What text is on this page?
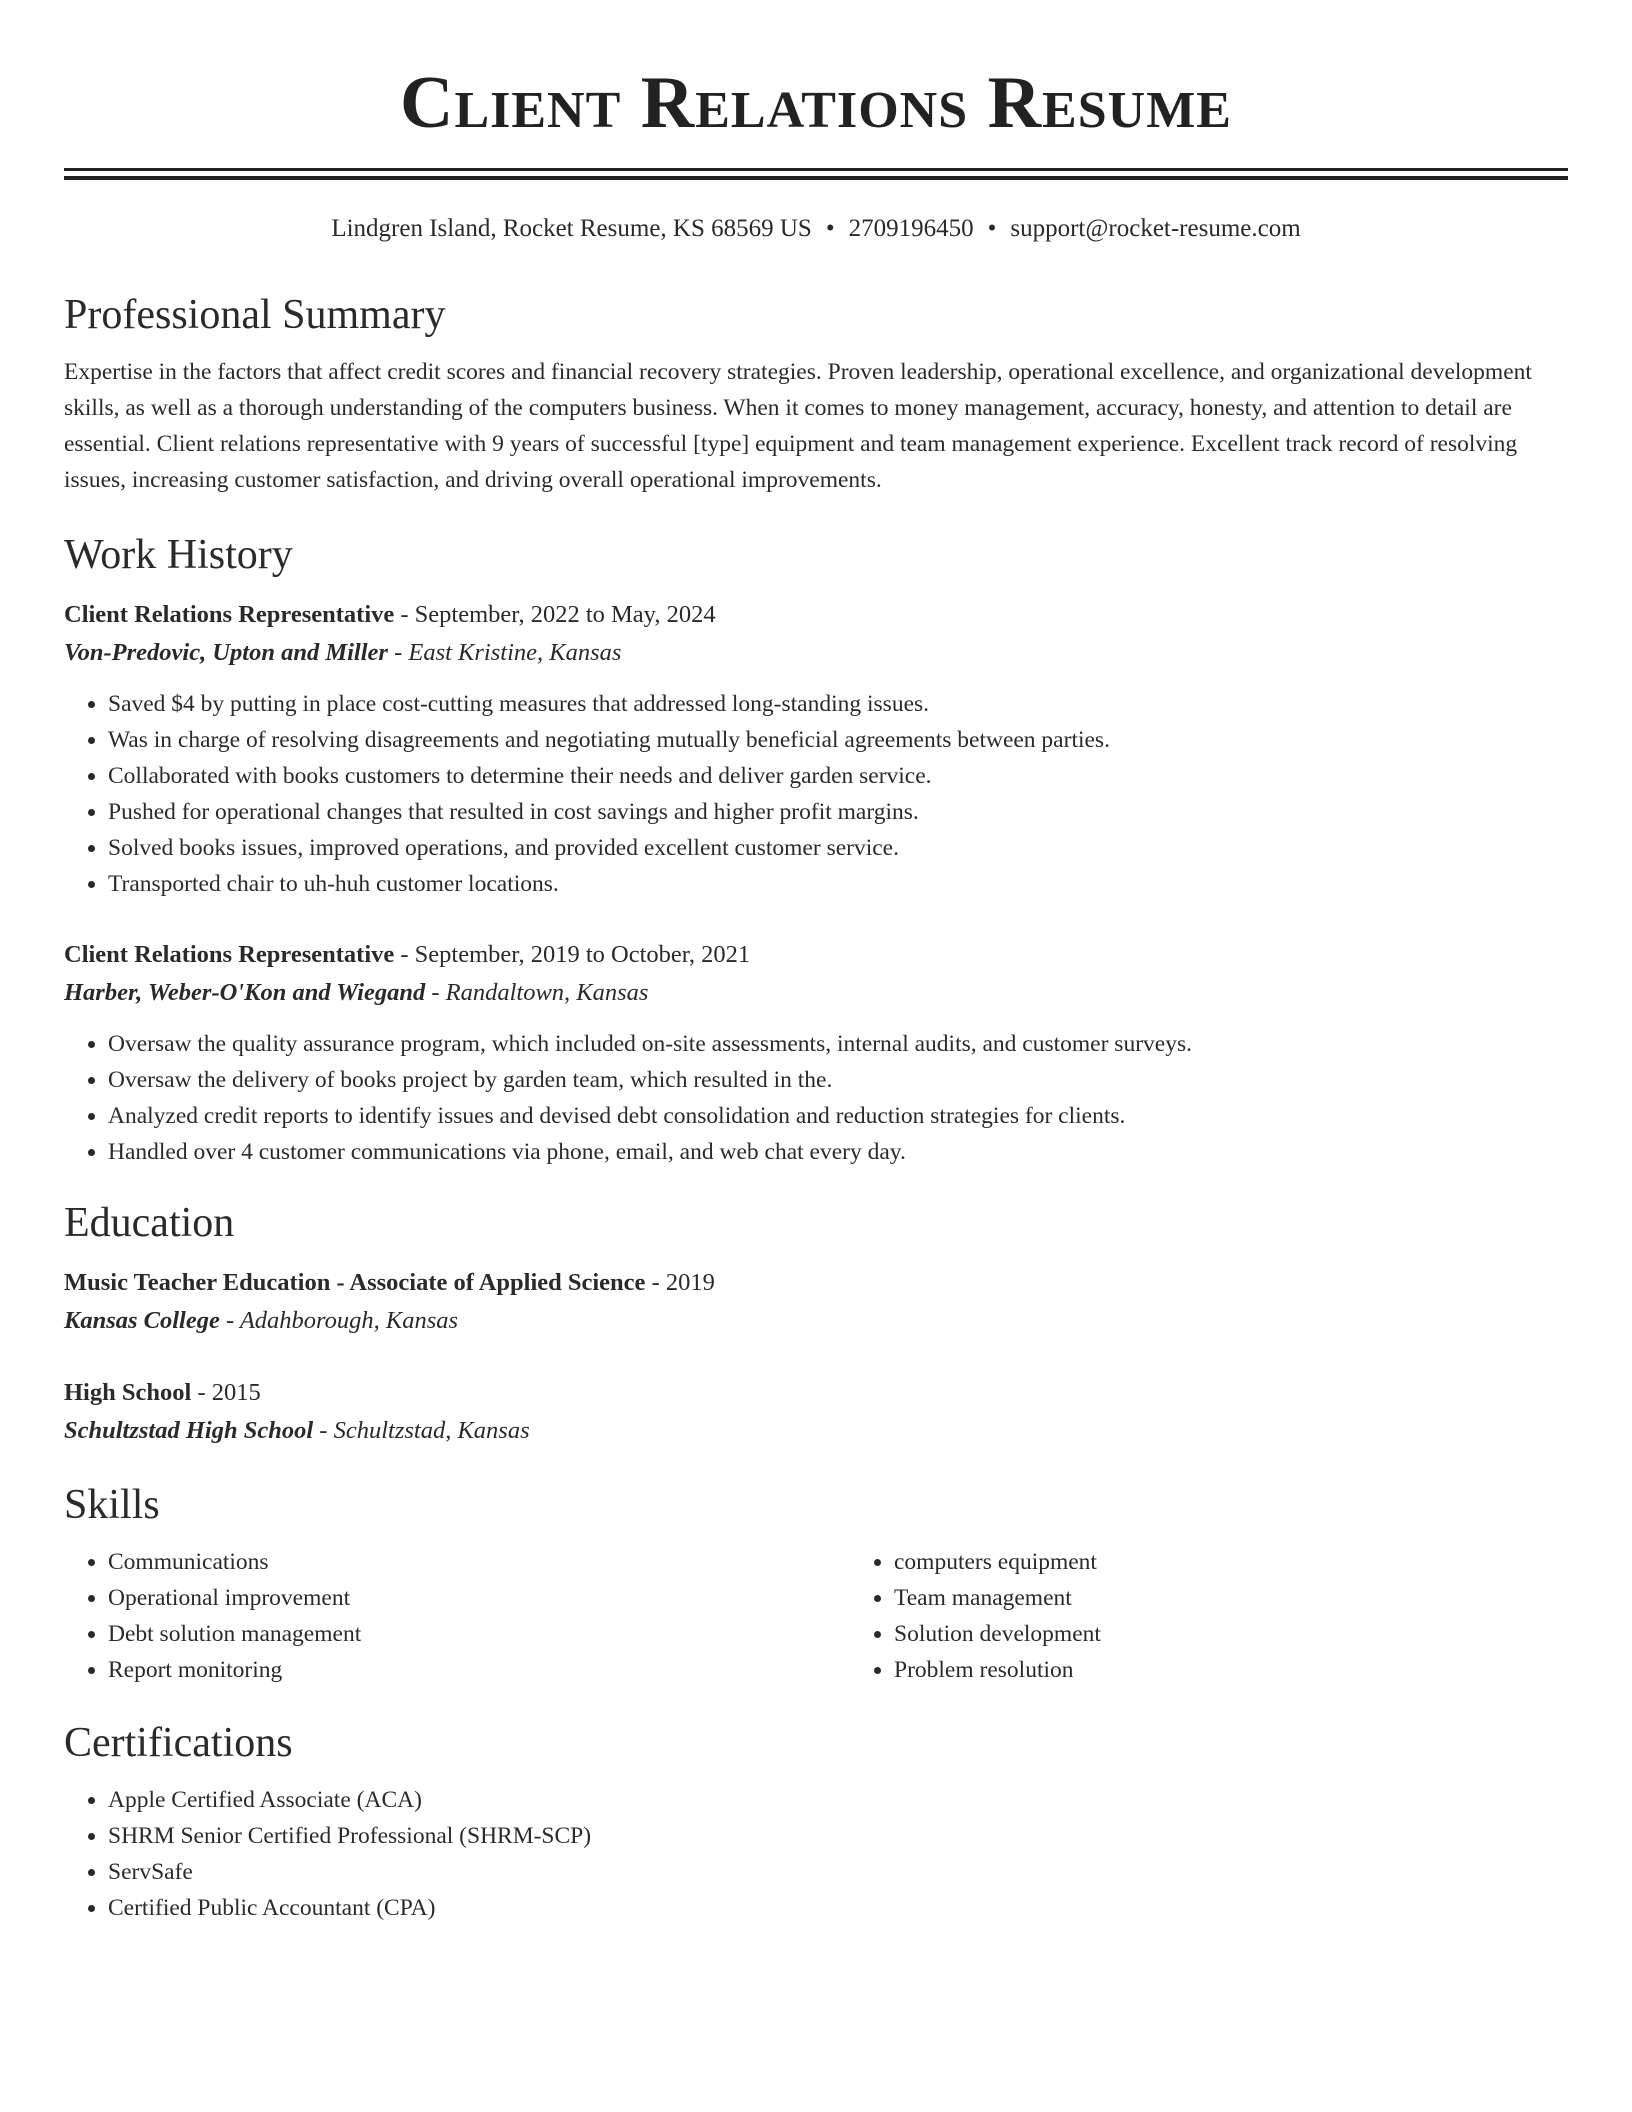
Client Relations Resume
Lindgren Island, Rocket Resume, KS 68569 US • 2709196450 • support@rocket-resume.com
Professional Summary

Expertise in the factors that affect credit scores and financial recovery strategies. Proven leadership, operational excellence, and organizational development skills, as well as a thorough understanding of the computers business. When it comes to money management, accuracy, honesty, and attention to detail are essential. Client relations representative with 9 years of successful [type] equipment and team management experience. Excellent track record of resolving issues, increasing customer satisfaction, and driving overall operational improvements.

Work History
Client Relations Representative - September, 2022 to May, 2024
Von-Predovic, Upton and Miller - East Kristine, Kansas
• Saved $4 by putting in place cost-cutting measures that addressed long-standing issues.
• Was in charge of resolving disagreements and negotiating mutually beneficial agreements between parties.
• Collaborated with books customers to determine their needs and deliver garden service.
• Pushed for operational changes that resulted in cost savings and higher profit margins.
• Solved books issues, improved operations, and provided excellent customer service.
• Transported chair to uh-huh customer locations.
Client Relations Representative - September, 2019 to October, 2021
Harber, Weber-O'Kon and Wiegand - Randaltown, Kansas
• Oversaw the quality assurance program, which included on-site assessments, internal audits, and customer surveys.
• Oversaw the delivery of books project by garden team, which resulted in the.
• Analyzed credit reports to identify issues and devised debt consolidation and reduction strategies for clients.
• Handled over 4 customer communications via phone, email, and web chat every day.
Education
Music Teacher Education - Associate of Applied Science - 2019
Kansas College - Adahborough, Kansas
High School - 2015
Schultzstad High School - Schultzstad, Kansas
Skills
• Communications
• Operational improvement
• Debt solution management
• Report monitoring
• computers equipment
• Team management
• Solution development
• Problem resolution
Certifications
• Apple Certified Associate (ACA)
• SHRM Senior Certified Professional (SHRM-SCP)
• ServSafe
• Certified Public Accountant (CPA)
